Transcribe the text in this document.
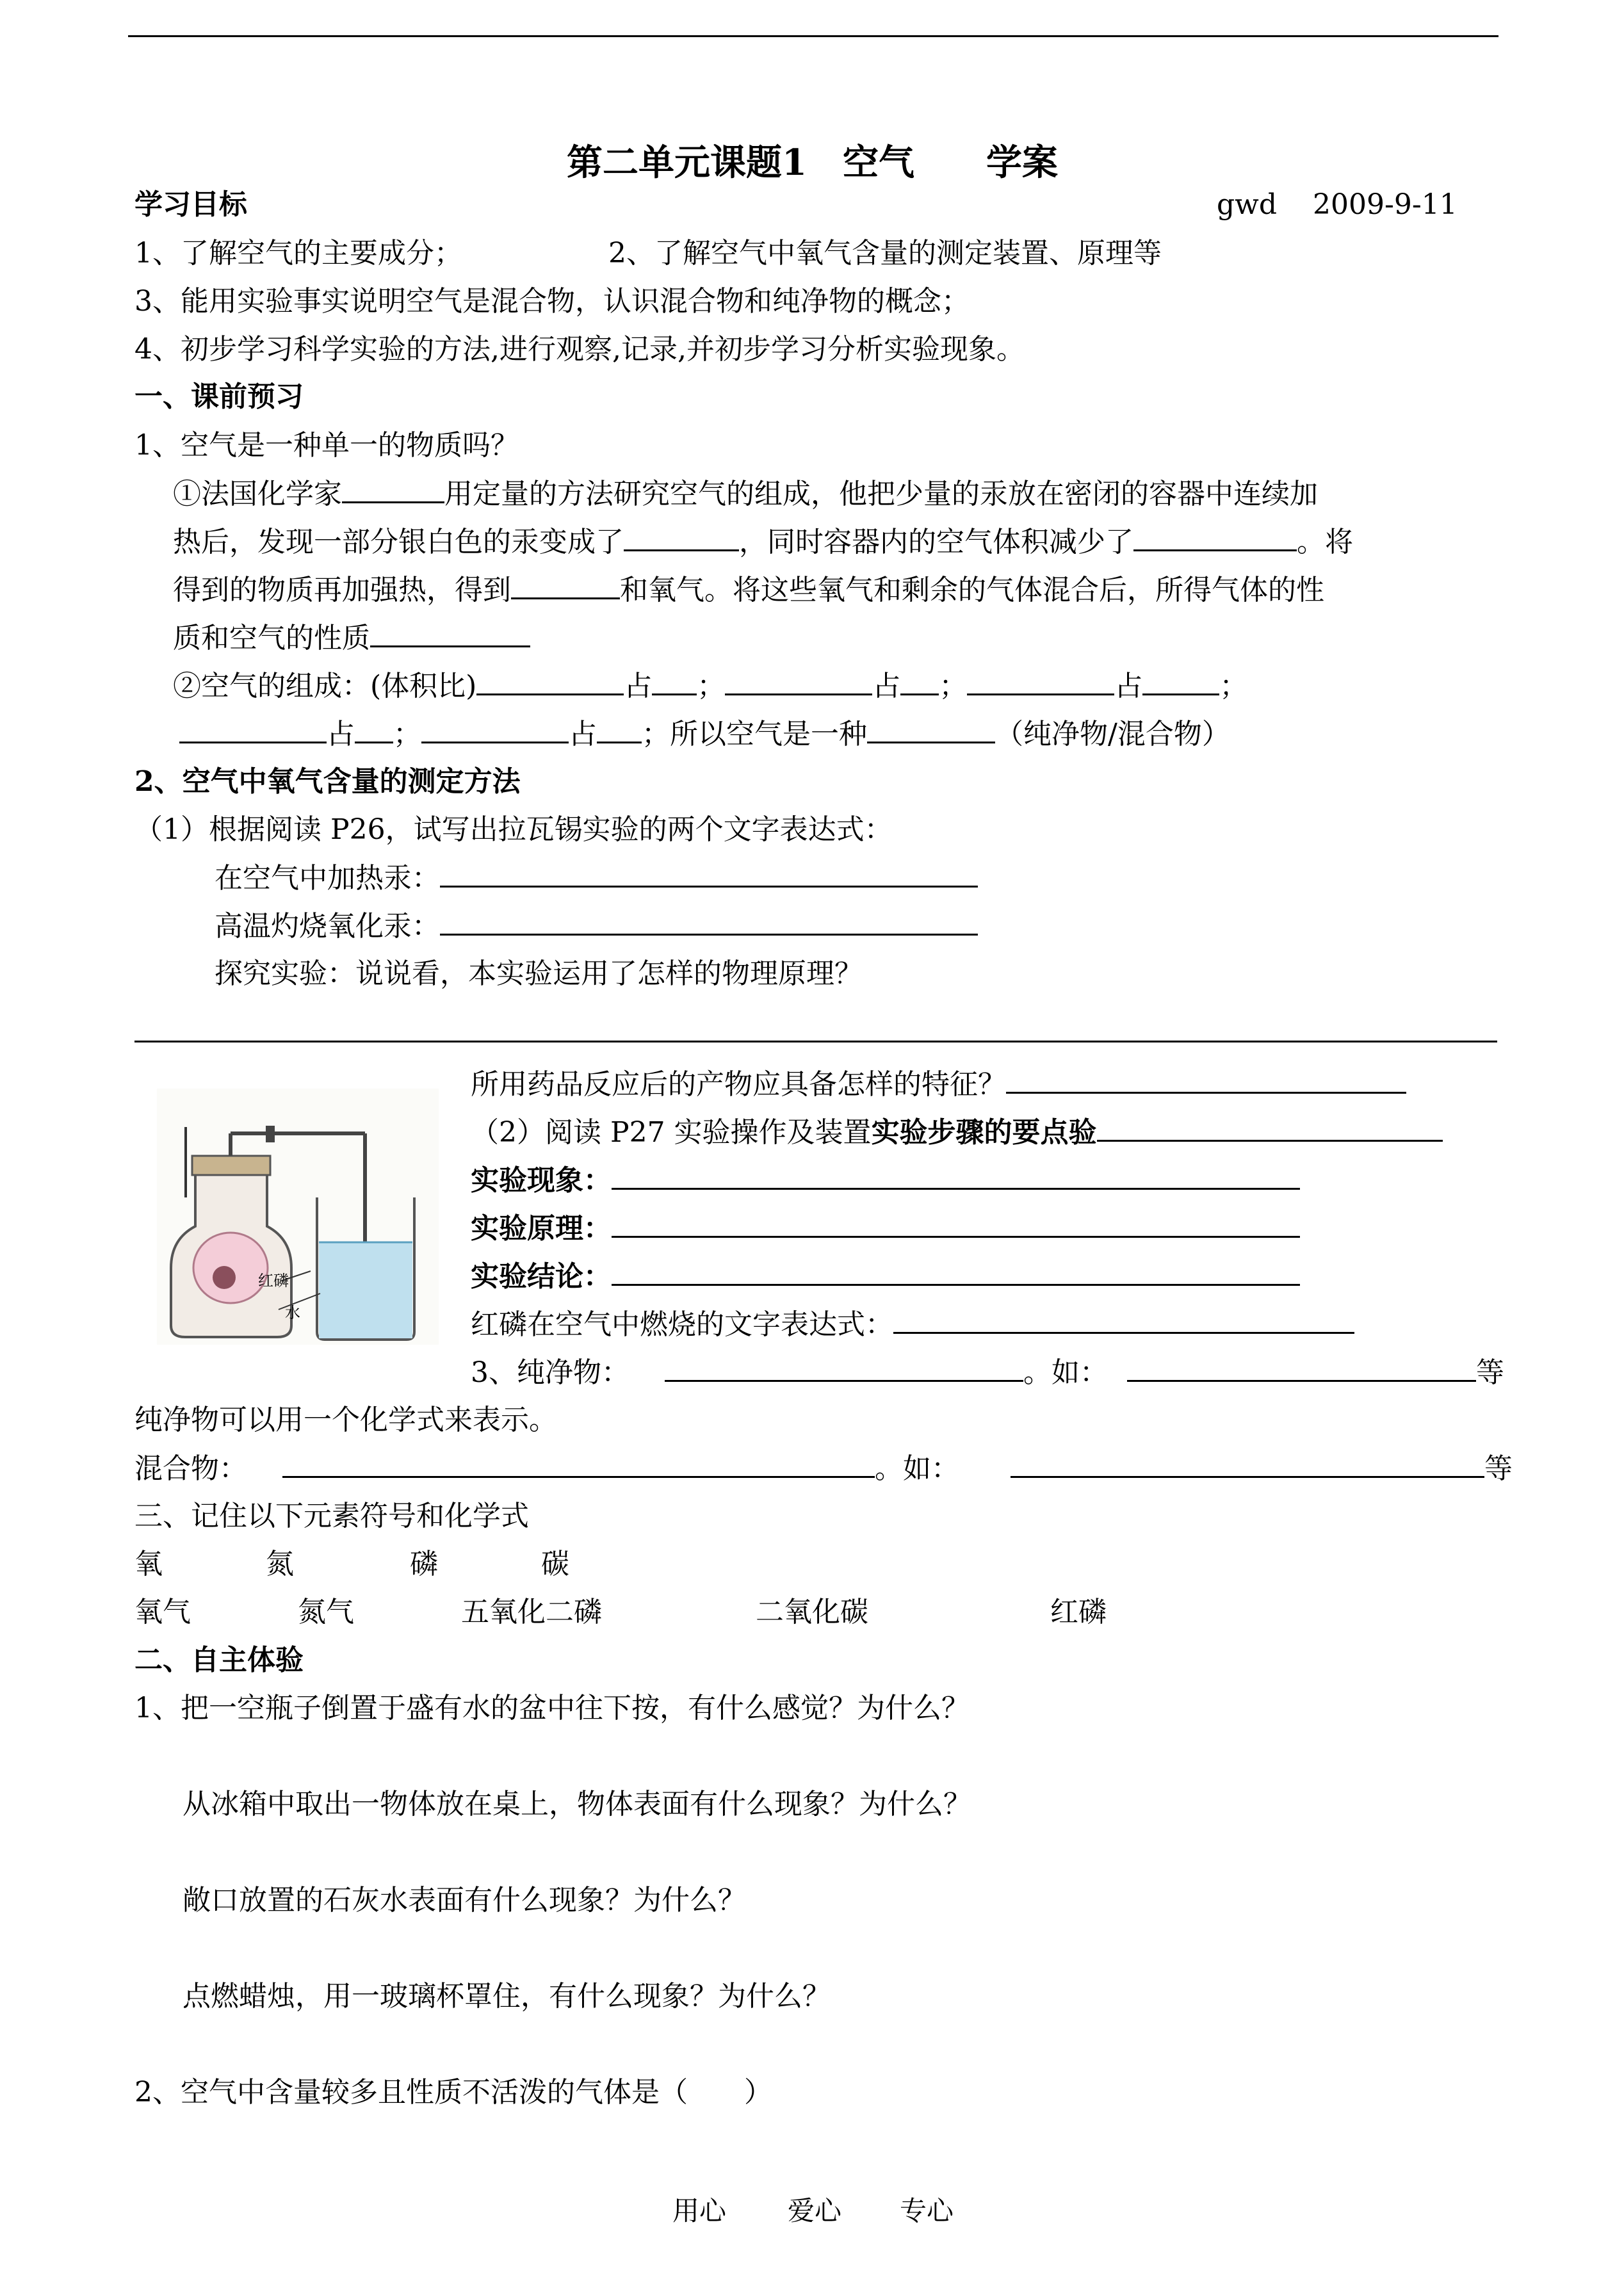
第二单元课题1　空气　　学案
学习目标	gwd 2009-9-11
1、了解空气的主要成分；	2、了解空气中氧气含量的测定装置、原理等
3、能用实验事实说明空气是混合物，认识混合物和纯净物的概念；
4、初步学习科学实验的方法,进行观察,记录,并初步学习分析实验现象。
一、课前预习
1、空气是一种单一的物质吗？
①法国化学家	用定量的方法研究空气的组成，他把少量的汞放在密闭的容器中连续加
热后，发现一部分银白色的汞变成了	，同时容器内的空气体积减少了	。将
得到的物质再加强热，得到	和氧气。将这些氧气和剩余的气体混合后，所得气体的性
质和空气的性质
②空气的组成：(体积比)	占 ；	占 ；	占	；
占 ；	占 ；所以空气是一种	（纯净物/混合物）
2、空气中氧气含量的测定方法
（1）根据阅读 P26，试写出拉瓦锡实验的两个文字表达式：
在空气中加热汞：
高温灼烧氧化汞：
探究实验：说说看，本实验运用了怎样的物理原理？
红磷
水
所用药品反应后的产物应具备怎样的特征？
（2）阅读 P27 实验操作及装置实验步骤的要点验
实验现象：
实验原理：
实验结论：
红磷在空气中燃烧的文字表达式：
3、纯净物：	。如：	等
纯净物可以用一个化学式来表示。
混合物：	。如：	等
三、记住以下元素符号和化学式
氧	氮	磷	碳
氧气	氮气	五氧化二磷	二氧化碳	红磷
二、自主体验
1、把一空瓶子倒置于盛有水的盆中往下按，有什么感觉？为什么？
从冰箱中取出一物体放在桌上，物体表面有什么现象？为什么？
敞口放置的石灰水表面有什么现象？为什么？
点燃蜡烛，用一玻璃杯罩住，有什么现象？为什么？
2、空气中含量较多且性质不活泼的气体是（　　）
用心 爱心 专心
